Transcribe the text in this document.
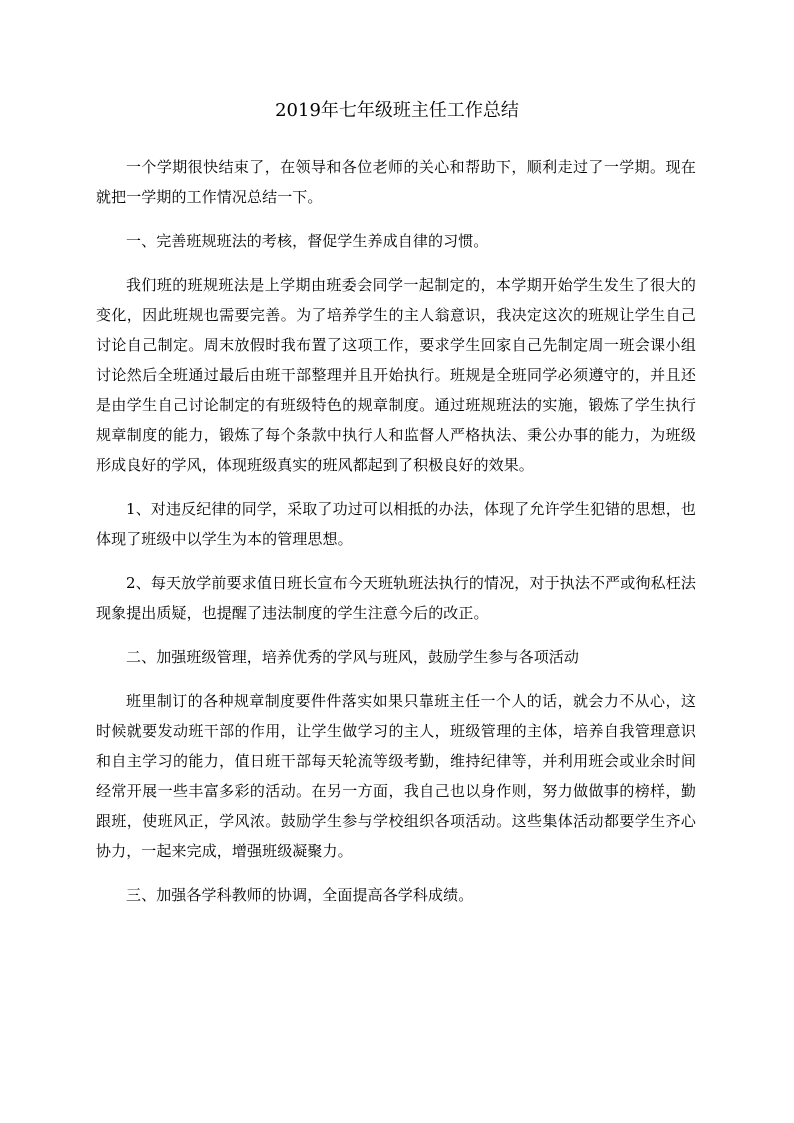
2019年七年级班主任工作总结

一个学期很快结束了，在领导和各位老师的关心和帮助下，顺利走过了一学期。现在就把一学期的工作情况总结一下。

一、完善班规班法的考核，督促学生养成自律的习惯。

我们班的班规班法是上学期由班委会同学一起制定的，本学期开始学生发生了很大的变化，因此班规也需要完善。为了培养学生的主人翁意识，我决定这次的班规让学生自己讨论自己制定。周末放假时我布置了这项工作，要求学生回家自己先制定周一班会课小组讨论然后全班通过最后由班干部整理并且开始执行。班规是全班同学必须遵守的，并且还是由学生自己讨论制定的有班级特色的规章制度。通过班规班法的实施，锻炼了学生执行规章制度的能力，锻炼了每个条款中执行人和监督人严格执法、秉公办事的能力，为班级形成良好的学风，体现班级真实的班风都起到了积极良好的效果。

1、对违反纪律的同学，采取了功过可以相抵的办法，体现了允许学生犯错的思想，也体现了班级中以学生为本的管理思想。

2、每天放学前要求值日班长宣布今天班轨班法执行的情况，对于执法不严或徇私枉法现象提出质疑，也提醒了违法制度的学生注意今后的改正。

二、加强班级管理，培养优秀的学风与班风，鼓励学生参与各项活动

班里制订的各种规章制度要件件落实如果只靠班主任一个人的话，就会力不从心，这时候就要发动班干部的作用，让学生做学习的主人，班级管理的主体，培养自我管理意识和自主学习的能力，值日班干部每天轮流等级考勤，维持纪律等，并利用班会或业余时间经常开展一些丰富多彩的活动。在另一方面，我自己也以身作则，努力做做事的榜样，勤跟班，使班风正，学风浓。鼓励学生参与学校组织各项活动。这些集体活动都要学生齐心协力，一起来完成，增强班级凝聚力。

三、加强各学科教师的协调，全面提高各学科成绩。
